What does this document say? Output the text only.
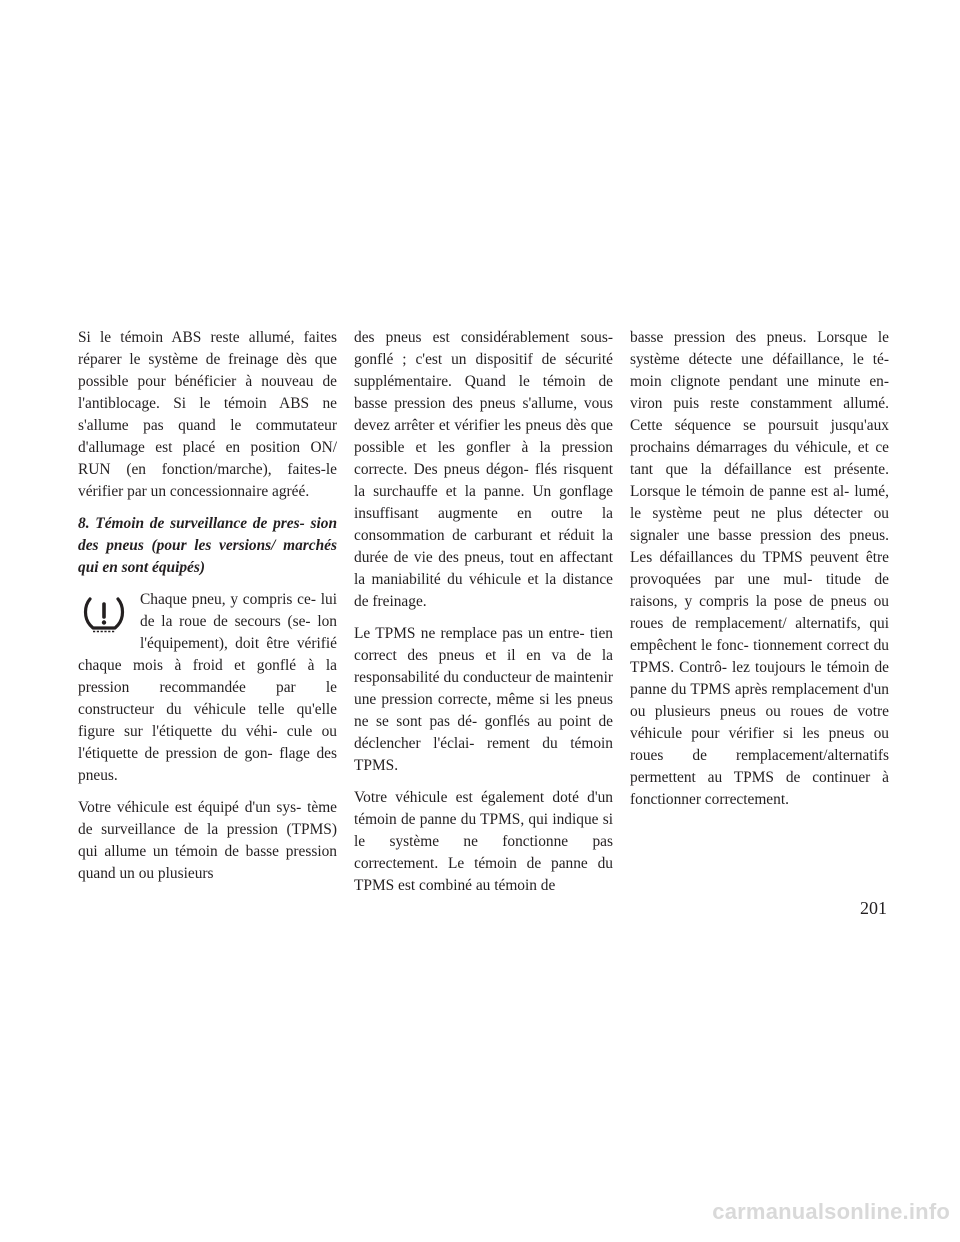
Si le témoin ABS reste allumé, faites réparer le système de freinage dès que possible pour bénéficier à nouveau de l'antiblocage. Si le témoin ABS ne s'allume pas quand le commutateur d'allumage est placé en position ON/ RUN (en fonction/marche), faites-le vérifier par un concessionnaire agréé.

8. Témoin de surveillance de pres- sion des pneus (pour les versions/ marchés qui en sont équipés)

Chaque pneu, y compris ce- lui de la roue de secours (se- lon l'équipement), doit être vérifié chaque mois à froid et gonflé à la pression recommandée par le constructeur du véhicule telle qu'elle figure sur l'étiquette du véhi- cule ou l'étiquette de pression de gon- flage des pneus.

Votre véhicule est équipé d'un sys- tème de surveillance de la pression (TPMS) qui allume un témoin de basse pression quand un ou plusieurs

des pneus est considérablement sous- gonflé ; c'est un dispositif de sécurité supplémentaire. Quand le témoin de basse pression des pneus s'allume, vous devez arrêter et vérifier les pneus dès que possible et les gonfler à la pression correcte. Des pneus dégon- flés risquent la surchauffe et la panne. Un gonflage insuffisant augmente en outre la consommation de carburant et réduit la durée de vie des pneus, tout en affectant la maniabilité du véhicule et la distance de freinage.

Le TPMS ne remplace pas un entre- tien correct des pneus et il en va de la responsabilité du conducteur de maintenir une pression correcte, même si les pneus ne se sont pas dé- gonflés au point de déclencher l'éclai- rement du témoin TPMS.

Votre véhicule est également doté d'un témoin de panne du TPMS, qui indique si le système ne fonctionne pas correctement. Le témoin de panne du TPMS est combiné au témoin de

basse pression des pneus. Lorsque le système détecte une défaillance, le té- moin clignote pendant une minute en- viron puis reste constamment allumé. Cette séquence se poursuit jusqu'aux prochains démarrages du véhicule, et ce tant que la défaillance est présente. Lorsque le témoin de panne est al- lumé, le système peut ne plus détecter ou signaler une basse pression des pneus. Les défaillances du TPMS peuvent être provoquées par une mul- titude de raisons, y compris la pose de pneus ou roues de remplacement/ alternatifs, qui empêchent le fonc- tionnement correct du TPMS. Contrô- lez toujours le témoin de panne du TPMS après remplacement d'un ou plusieurs pneus ou roues de votre véhicule pour vérifier si les pneus ou roues de remplacement/alternatifs permettent au TPMS de continuer à fonctionner correctement.

201
carmanualsonline.info
